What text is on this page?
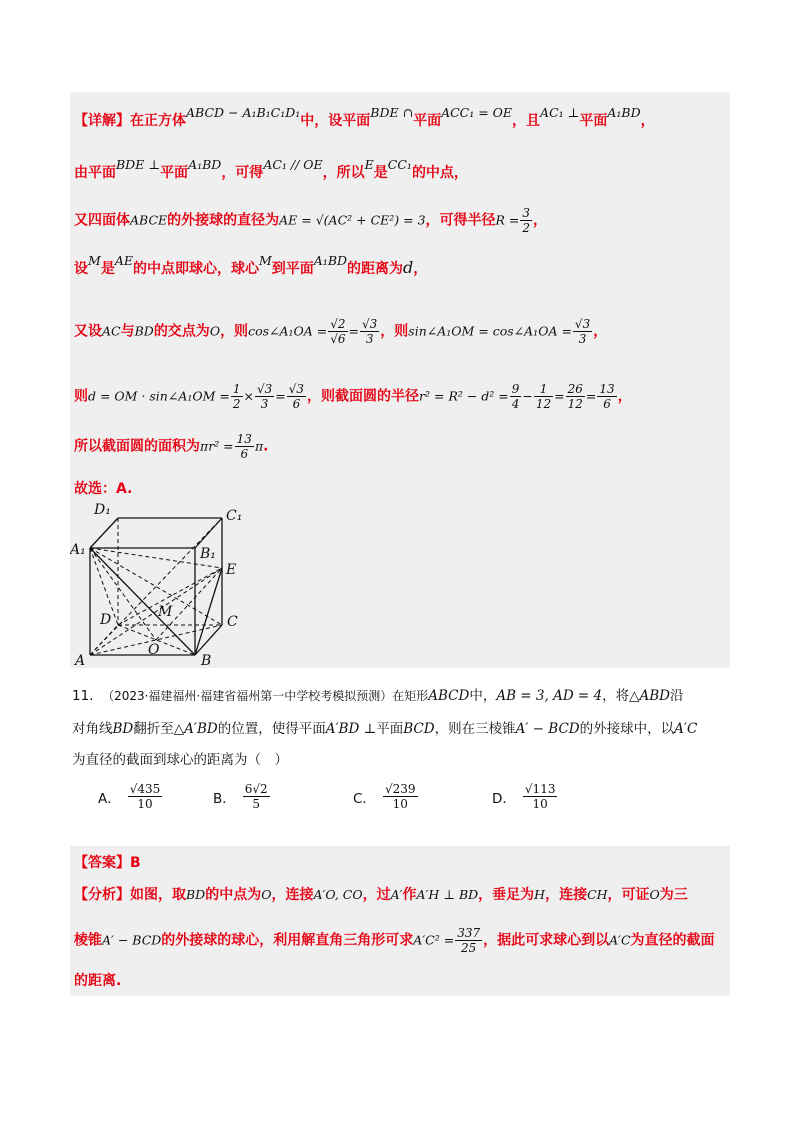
【详解】在正方体ABCD − A₁B₁C₁D₁中，设平面BDE ∩平面ACC₁ = OE，且AC₁ ⊥平面A₁BD，
由平面BDE ⊥平面A₁BD，可得AC₁ // OE，所以E是CC₁的中点，
又四面体ABCE的外接球的直径为AE = √(AC² + CE²) = 3，可得半径$R = \frac{3}{2}$ ，
设M是AE的中点即球心，球心M到平面A₁BD的距离为d，
又设AC与BD的交点为O，则cos∠A₁OA = $\frac{√2}{√6} = \frac{√3}{3}$ ，则sin∠A₁OM = cos∠A₁OA = $\frac{√3}{3}$ ，
则d = OM · sin∠A₁OM = $\frac{1}{2} \times \frac{√3}{3} = \frac{√3}{6}$ ，则截面圆的半径$r^2 = R^2 - d^2 = \frac{9}{4} - \frac{1}{12} = \frac{26}{12} = \frac{13}{6}$ ，
所以截面圆的面积为$\pi r^2 = \frac{13}{6} \pi$.
故选：A.
D₁	C₁
A₁	B₁
E
M
D	C
O
A	B
11. （2023·福建福州·福建省福州第一中学校考模拟预测）在矩形ABCD中，AB = 3, AD = 4，将△ABD沿
对角线BD翻折至△A′BD的位置，使得平面A′BD ⊥平面BCD，则在三棱锥A′ − BCD的外接球中，以A′C
为直径的截面到球心的距离为（　）
A． $\frac{√435}{10}$	B． $\frac{6√2}{5}$	C． $\frac{√239}{10}$	D． $\frac{√113}{10}$
【答案】B
【分析】如图，取BD的中点为O，连接A′O, CO，过A′作A′H ⊥ BD，垂足为H，连接CH，可证O为三
棱锥A′ − BCD的外接球的球心，利用解直角三角形可求$A'C^2 = \frac{337}{25}$ ，据此可求球心到以A′C为直径的截面
的距离.
